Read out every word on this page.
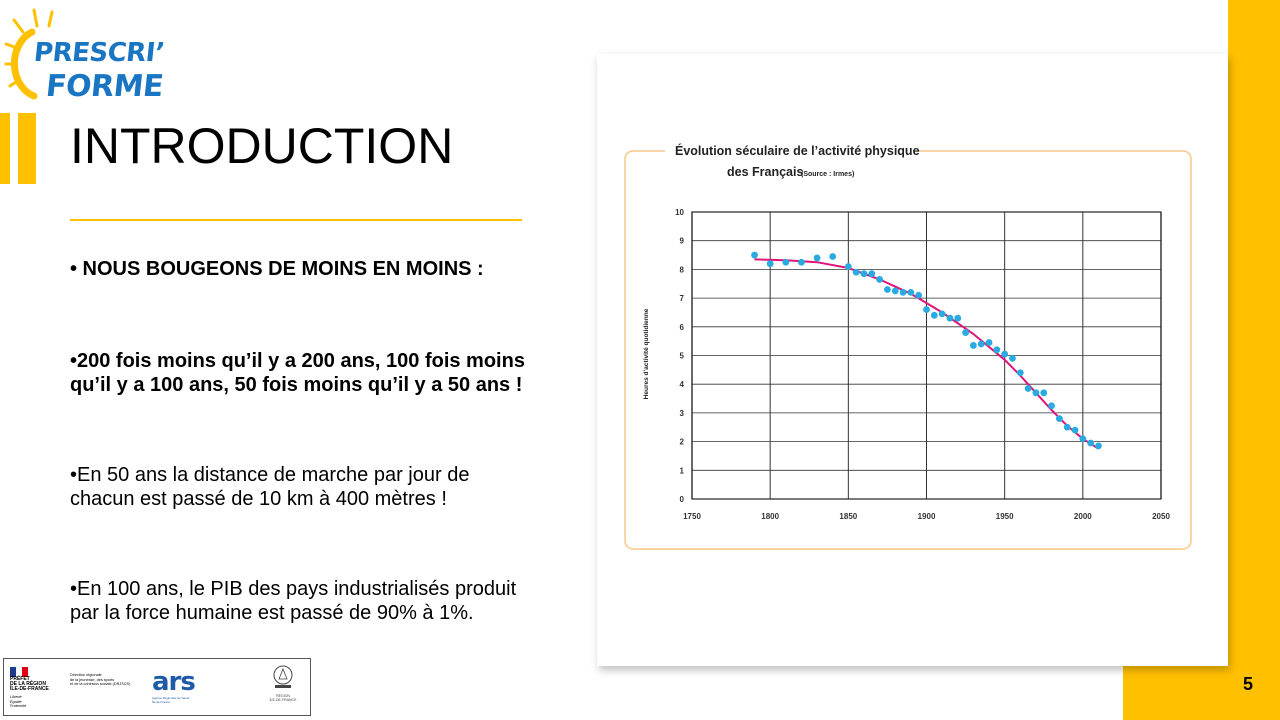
PRESCRI’
FORME
INTRODUCTION
• NOUS BOUGEONS DE MOINS EN MOINS :
•200 fois moins qu’il y a 200 ans, 100 fois moins qu’il y a 100 ans, 50 fois moins qu’il y a 50 ans !
•En 50 ans la distance de marche par jour de chacun est passé de 10 km à 400 mètres !
•En 100 ans, le PIB des pays industrialisés produit par la force humaine est passé de 90% à 1%.
PRÉFET
DE LA RÉGION
ÎLE-DE-FRANCE
Liberté
Égalité
Fraternité
Direction régionale
de la jeunesse, des sports
et de la cohésion sociale (DRJSCS) ars
Agence Régionale de Santé
Île-de-France
RÉGION
ÎLE-DE-FRANCE
Évolution séculaire de l’activité physique
des Français
(Source : Irmes)
Heures d’activité quotidienne
0
1
2
3
4
5
6
7
8
9
10
1750	1800	1850	1900	1950	2000	2050
5
